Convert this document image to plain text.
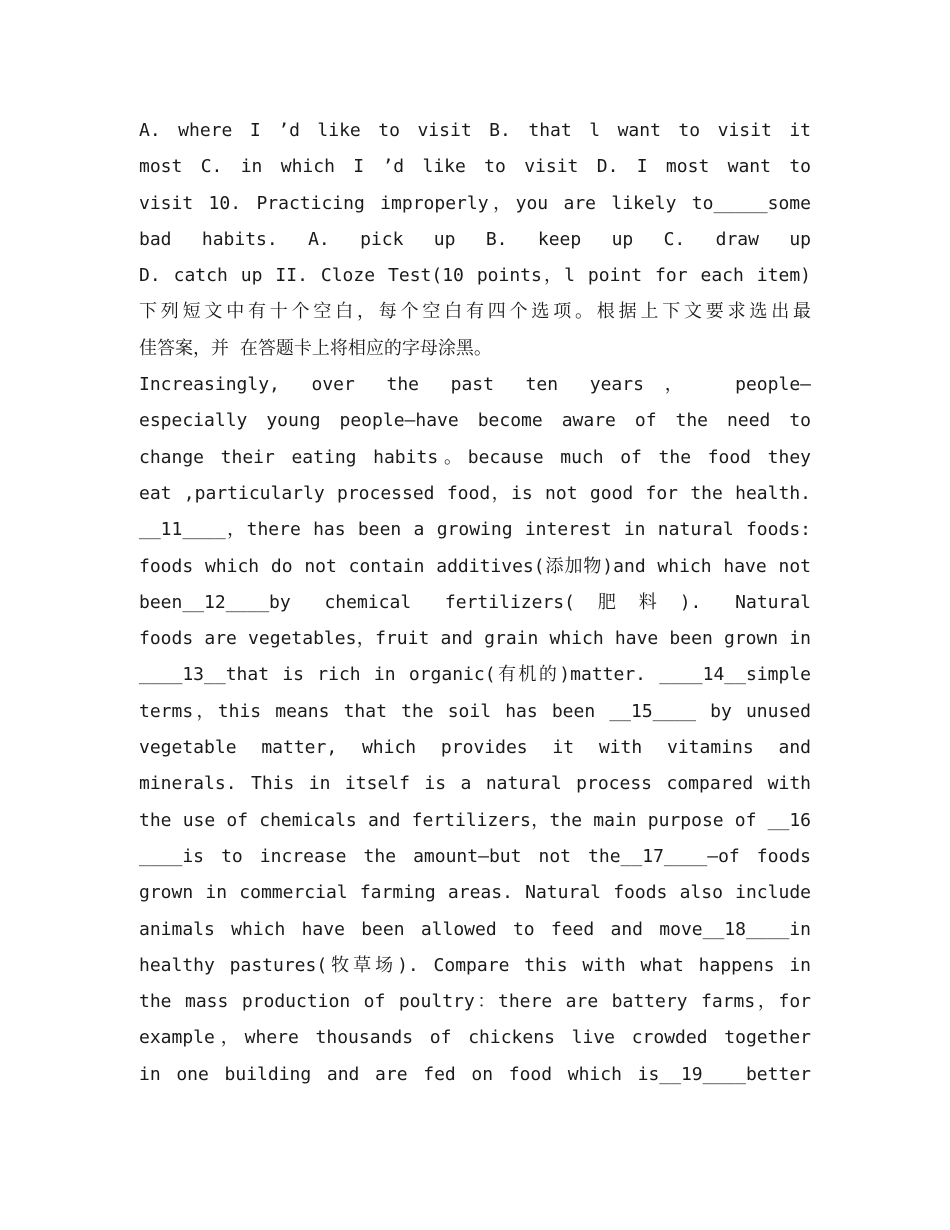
A. where I ’d like to visit B. that l want to visit it
most C. in which I ’d like to visit D. I most want to
visit 10. Practicing improperly，you are likely to_____some
bad habits. A. pick up B. keep up C. draw up
D. catch up II. Cloze Test(10 points，l point for each item)
下列短文中有十个空白，每个空白有四个选项。根据上下文要求选出最
佳答案，并 在答题卡上将相应的字母涂黑。
Increasingly, over the past ten years， people—
especially young people—have become aware of the need to
change their eating habits。because much of the food they
eat ,particularly processed food，is not good for the health.
__11____，there has been a growing interest in natural foods:
foods which do not contain additives(添加物)and which have not
been__12____by chemical fertilizers(肥料). Natural
foods are vegetables，fruit and grain which have been grown in
____13__that is rich in organic(有机的)matter. ____14__simple
terms，this means that the soil has been __15____ by unused
vegetable matter, which provides it with vitamins and
minerals. This in itself is a natural process compared with
the use of chemicals and fertilizers，the main purpose of __16
____is to increase the amount—but not the__17____—of foods
grown in commercial farming areas. Natural foods also include
animals which have been allowed to feed and move__18____in
healthy pastures(牧草场). Compare this with what happens in
the mass production of poultry：there are battery farms，for
example，where thousands of chickens live crowded together
in one building and are fed on food which is__19____better
